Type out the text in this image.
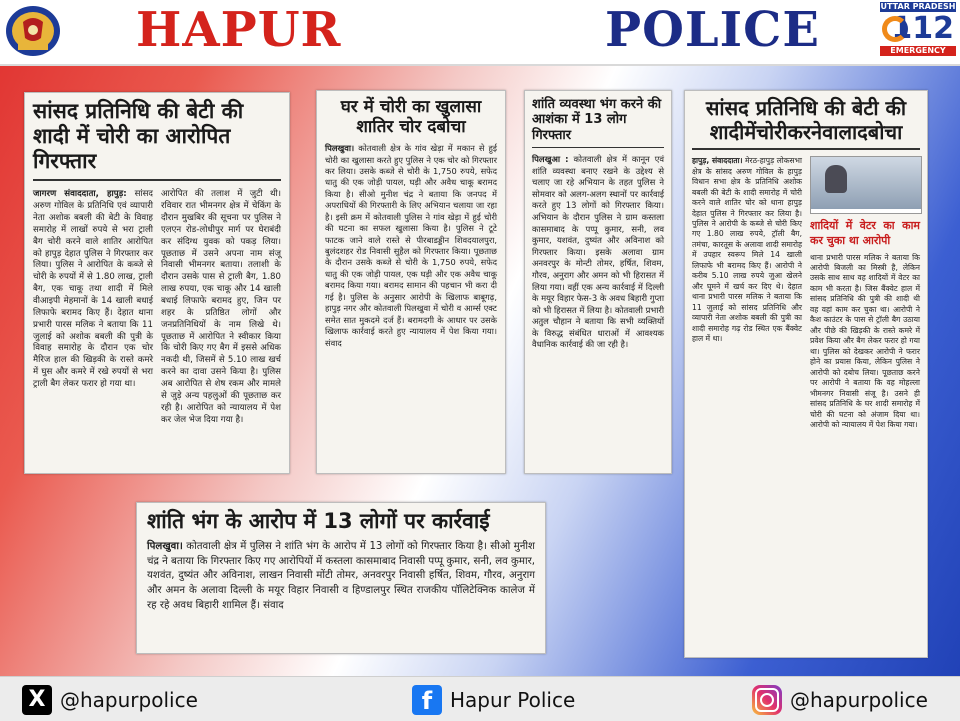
HAPUR	POLICE	UTTAR PRADESH
112
EMERGENCY
सांसद प्रतिनिधि की बेटी की शादी में चोरी का आरोपित गिरफ्तार
जागरण संवाददाता, हापुड़: सांसद अरुण गोविल के प्रतिनिधि एवं व्यापारी नेता अशोक बबली की बेटी के विवाह समारोह में लाखों रुपये से भरा ट्राली बैग चोरी करने वाले शातिर आरोपित को हापुड़ देहात पुलिस ने गिरफ्तार कर लिया। पुलिस ने आरोपित के कब्जे से चोरी के रुपयों में से 1.80 लाख, ट्राली बैग, एक चाकू तथा शादी में मिले वीआइपी मेहमानों के 14 खाली बधाई लिफाफे बरामद किए हैं। देहात थाना प्रभारी पारस मलिक ने बताया कि 11 जुलाई को अशोक बबली की पुत्री के विवाह समारोह के दौरान एक चोर मैरिज हाल की खिड़की के रास्ते कमरे में घुस और कमरे में रखे रुपयों से भरा ट्राली बैग लेकर फरार हो गया था।
आरोपित की तलाश में जुटी थी। रविवार रात भीमनगर क्षेत्र में चेकिंग के दौरान मुखबिर की सूचना पर पुलिस ने एलएन रोड-लोधीपुर मार्ग पर घेराबंदी कर संदिग्ध युवक को पकड़ लिया। पूछताछ में उसने अपना नाम संजू निवासी भीमनगर बताया। तलाशी के दौरान उसके पास से ट्राली बैग, 1.80 लाख रुपया, एक चाकू और 14 खाली बधाई लिफाफे बरामद हुए, जिन पर शहर के प्रतिष्ठित लोगों और जनप्रतिनिधियों के नाम लिखे थे। पूछताछ में आरोपित ने स्वीकार किया कि चोरी किए गए बैग में इससे अधिक नकदी थी, जिसमें से 5.10 लाख खर्च करने का दावा उसने किया है। पुलिस अब आरोपित से शेष रकम और मामले से जुड़े अन्य पहलुओं की पूछताछ कर रही है। आरोपित को न्यायालय में पेश कर जेल भेज दिया गया है।
घर में चोरी का खुलासा शातिर चोर दबोचा
पिलखुवा। कोतवाली क्षेत्र के गांव खेड़ा में मकान से हुई चोरी का खुलासा करते हुए पुलिस ने एक चोर को गिरफ्तार कर लिया। उसके कब्जे से चोरी के 1,750 रुपये, सफेद धातु की एक जोड़ी पायल, घड़ी और अवैध चाकू बरामद किया है। सीओ मुनीश चंद्र ने बताया कि जनपद में अपराधियों की गिरफ्तारी के लिए अभियान चलाया जा रहा है। इसी क्रम में कोतवाली पुलिस ने गांव खेड़ा में हुई चोरी की घटना का सफल खुलासा किया है। पुलिस ने टूटे फाटक जाने वाले रास्ते से पीरबाडड्डीन शिवदयालपुरा, बुलंदशहर रोड निवासी सुहैल को गिरफ्तार किया। पूछताछ के दौरान उसके कब्जे से चोरी के 1,750 रुपये, सफेद धातु की एक जोड़ी पायल, एक घड़ी और एक अवैध चाकू बरामद किया गया। बरामद सामान की पहचान भी करा दी गई है। पुलिस के अनुसार आरोपी के खिलाफ बाबूगढ़, हापुड़ नगर और कोतवाली पिलखुवा में चोरी व आर्म्स एक्ट समेत सात मुकदमे दर्ज हैं। बरामदगी के आधार पर उसके खिलाफ कार्रवाई करते हुए न्यायालय में पेश किया गया। संवाद
शांति व्यवस्था भंग करने की आशंका में 13 लोग गिरफ्तार
पिलखुआ : कोतवाली क्षेत्र में कानून एवं शांति व्यवस्था बनाए रखने के उद्देश्य से चलाए जा रहे अभियान के तहत पुलिस ने सोमवार को अलग-अलग स्थानों पर कार्रवाई करते हुए 13 लोगों को गिरफ्तार किया। अभियान के दौरान पुलिस ने ग्राम कस्तला कासमाबाद के पप्पू कुमार, सनी, लव कुमार, यशवंत, दुष्यंत और अविनाश को गिरफ्तार किया। इसके अलावा ग्राम अनवरपुर के मोन्टी तोमर, हर्षित, शिवम, गौरव, अनुराग और अमन को भी हिरासत में लिया गया। वहीं एक अन्य कार्रवाई में दिल्ली के मयूर विहार फेस-3 के अवध बिहारी गुप्ता को भी हिरासत में लिया है। कोतवाली प्रभारी अतुल चौहान ने बताया कि सभी व्यक्तियों के विरुद्ध संबंधित धाराओं में आवश्यक वैधानिक कार्रवाई की जा रही है।
सांसद प्रतिनिधि की बेटी की शादीमेंचोरीकरनेवालादबोचा
हापुड़, संवाददाता। मेरठ-हापुड़ लोकसभा क्षेत्र के सांसद अरुण गोविल के हापुड़ विधान सभा क्षेत्र के प्रतिनिधि अशोक बबली की बेटी के शादी समारोह में चोरी करने वाले शातिर चोर को थाना हापुड़ देहात पुलिस ने गिरफ्तार कर लिया है। पुलिस ने आरोपी के कब्जे से चोरी किए गए 1.80 लाख रुपये, ट्रॉली बैग, तमंचा, कारतूस के अलावा शादी समारोह में उपहार स्वरूप मिले 14 खाली लिफाफे भी बरामद किए हैं। आरोपी ने करीब 5.10 लाख रुपये जुआ खेलने और घूमने में खर्च कर दिए थे। देहात थाना प्रभारी पारस मलिक ने बताया कि 11 जुलाई को सांसद प्रतिनिधि और व्यापारी नेता अशोक बबली की पुत्री का शादी समारोह गढ़ रोड स्थित एक बैंक्वेट हाल में था।
शादियों में वेटर का काम कर चुका था आरोपी
थाना प्रभारी पारस मलिक ने बताया कि आरोपी बिजली का मिस्त्री है, लेकिन उसके साथ साथ वह शादियों में वेटर का काम भी करता है। जिस बैंक्वेट हाल में सांसद प्रतिनिधि की पुत्री की शादी थी वह वहां काम कर चुका था। आरोपी ने कैश काउंटर के पास से ट्रॉली बैग उठाया और पीछे की खिड़की के रास्ते कमरे में प्रवेश किया और बैग लेकर फरार हो गया था। पुलिस को देखकर आरोपी ने फरार होने का प्रयास किया, लेकिन पुलिस ने आरोपी को दबोच लिया। पूछताछ करने पर आरोपी ने बताया कि वह मोहल्ला भीमनगर निवासी संजू है। उसने ही सांसद प्रतिनिधि के घर शादी समारोह में चोरी की घटना को अंजाम दिया था। आरोपी को न्यायालय में पेश किया गया।
शांति भंग के आरोप में 13 लोगों पर कार्रवाई
पिलखुवा। कोतवाली क्षेत्र में पुलिस ने शांति भंग के आरोप में 13 लोगों को गिरफ्तार किया है। सीओ मुनीश चंद्र ने बताया कि गिरफ्तार किए गए आरोपियों में कस्तला कासमाबाद निवासी पप्पू कुमार, सनी, लव कुमार, यशवंत, दुष्यंत और अविनाश, लाखन निवासी मोंटी तोमर, अनवरपुर निवासी हर्षित, शिवम, गौरव, अनुराग और अमन के अलावा दिल्ली के मयूर विहार निवासी व हिण्डालपुर स्थित राजकीय पॉलिटेक्निक कालेज में रह रहे अवध बिहारी शामिल हैं। संवाद
X @hapurpolice	f Hapur Police	@hapurpolice
